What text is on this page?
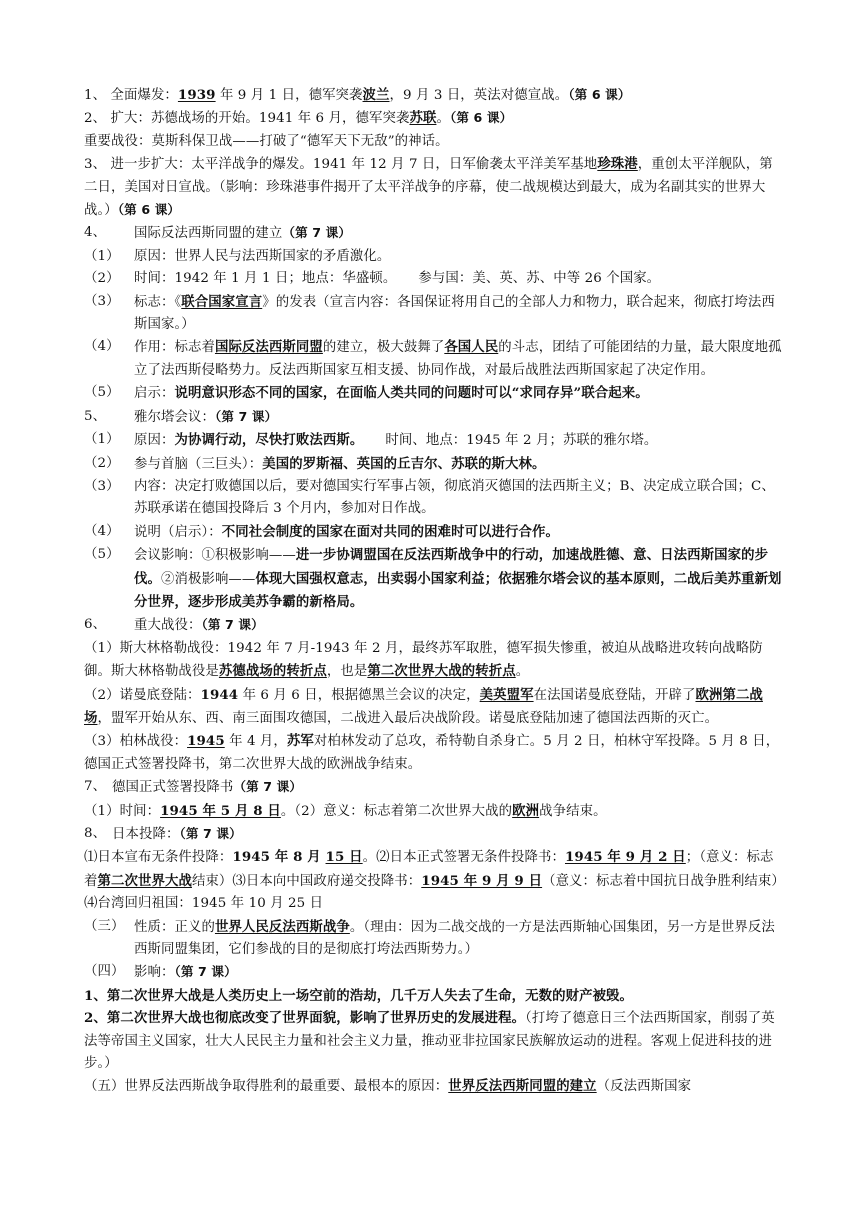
1、 全面爆发：1939 年 9 月 1 日，德军突袭波兰，9 月 3 日，英法对德宣战。（第 6 课）
2、 扩大：苏德战场的开始。1941 年 6 月，德军突袭苏联。（第 6 课）
重要战役：莫斯科保卫战——打破了“德军天下无敌”的神话。
3、 进一步扩大：太平洋战争的爆发。1941 年 12 月 7 日，日军偷袭太平洋美军基地珍珠港，重创太平洋舰队，第二日，美国对日宣战。（影响：珍珠港事件揭开了太平洋战争的序幕，使二战规模达到最大，成为名副其实的世界大战。）（第 6 课）
4、	国际反法西斯同盟的建立（第 7 课）
（1）	原因：世界人民与法西斯国家的矛盾激化。
（2）	时间：1942 年 1 月 1 日；地点：华盛顿。 参与国：美、英、苏、中等 26 个国家。
（3）	标志：《联合国家宣言》的发表（宣言内容：各国保证将用自己的全部人力和物力，联合起来，彻底打垮法西斯国家。）
（4）	作用：标志着国际反法西斯同盟的建立，极大鼓舞了各国人民的斗志，团结了可能团结的力量，最大限度地孤立了法西斯侵略势力。反法西斯国家互相支援、协同作战，对最后战胜法西斯国家起了决定作用。
（5）	启示：说明意识形态不同的国家，在面临人类共同的问题时可以“求同存异”联合起来。
5、	雅尔塔会议：（第 7 课）
（1）	原因：为协调行动，尽快打败法西斯。 时间、地点：1945 年 2 月；苏联的雅尔塔。
（2）	参与首脑（三巨头）：美国的罗斯福、英国的丘吉尔、苏联的斯大林。
（3）	内容：决定打败德国以后，要对德国实行军事占领，彻底消灭德国的法西斯主义；B、决定成立联合国；C、苏联承诺在德国投降后 3 个月内，参加对日作战。
（4）	说明（启示）：不同社会制度的国家在面对共同的困难时可以进行合作。
（5）	会议影响：①积极影响——进一步协调盟国在反法西斯战争中的行动，加速战胜德、意、日法西斯国家的步伐。②消极影响——体现大国强权意志，出卖弱小国家利益；依据雅尔塔会议的基本原则，二战后美苏重新划分世界，逐步形成美苏争霸的新格局。
6、	重大战役：（第 7 课）
（1）斯大林格勒战役：1942 年 7 月-1943 年 2 月，最终苏军取胜，德军损失惨重，被迫从战略进攻转向战略防御。斯大林格勒战役是苏德战场的转折点，也是第二次世界大战的转折点。
（2）诺曼底登陆：1944 年 6 月 6 日，根据德黑兰会议的决定，美英盟军在法国诺曼底登陆，开辟了欧洲第二战场，盟军开始从东、西、南三面围攻德国，二战进入最后决战阶段。诺曼底登陆加速了德国法西斯的灭亡。
（3）柏林战役：1945 年 4 月，苏军对柏林发动了总攻，希特勒自杀身亡。5 月 2 日，柏林守军投降。5 月 8 日，德国正式签署投降书，第二次世界大战的欧洲战争结束。
7、 德国正式签署投降书（第 7 课）
（1）时间：1945 年 5 月 8 日。（2）意义：标志着第二次世界大战的欧洲战争结束。
8、 日本投降：（第 7 课）
⑴日本宣布无条件投降：1945 年 8 月 15 日。⑵日本正式签署无条件投降书：1945 年 9 月 2 日；（意义：标志着第二次世界大战结束）⑶日本向中国政府递交投降书：1945 年 9 月 9 日（意义：标志着中国抗日战争胜利结束）⑷台湾回归祖国：1945 年 10 月 25 日
（三） 性质：正义的世界人民反法西斯战争。（理由：因为二战交战的一方是法西斯轴心国集团，另一方是世界反法西斯同盟集团，它们参战的目的是彻底打垮法西斯势力。）
（四） 影响：（第 7 课）
1、第二次世界大战是人类历史上一场空前的浩劫，几千万人失去了生命，无数的财产被毁。
2、第二次世界大战也彻底改变了世界面貌，影响了世界历史的发展进程。（打垮了德意日三个法西斯国家，削弱了英法等帝国主义国家，壮大人民民主力量和社会主义力量，推动亚非拉国家民族解放运动的进程。客观上促进科技的进步。）
（五）世界反法西斯战争取得胜利的最重要、最根本的原因：世界反法西斯同盟的建立（反法西斯国家
